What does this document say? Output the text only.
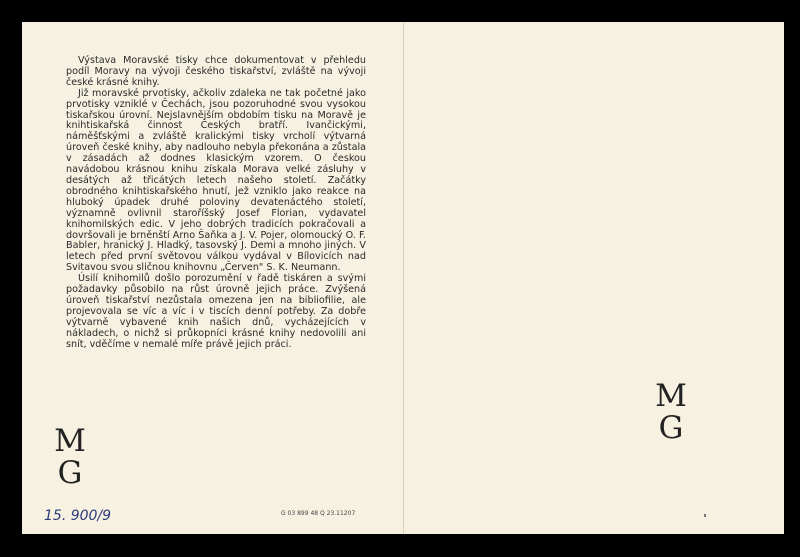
Výstava Moravské tisky chce dokumentovat v přehledu podíl Moravy na vývoji českého tiskařství, zvláště na vývoji české krásné knihy.

Již moravské prvotisky, ačkoliv zdaleka ne tak početné jako prvotisky vzniklé v Čechách, jsou pozoruhodné svou vysokou tiskařskou úrovní. Nejslavnějším obdobím tisku na Moravě je knihtiskařská činnost Českých bratří. Ivančickými, náměšťskými a zvláště kralickými tisky vrcholí výtvarná úroveň české knihy, aby nadlouho nebyla překonána a zůstala v zásadách až dodnes klasickým vzorem. O českou navádobou krásnou knihu získala Morava velké zásluhy v desátých až třicátých letech našeho století. Začátky obrodného knihtiskařského hnutí, jež vzniklo jako reakce na hluboký úpadek druhé poloviny devatenáctého století, významně ovlivnil staroříšský Josef Florian, vydavatel knihomilských edic. V jeho dobrých tradicích pokračovali a dovršovali je brněnští Arno Šaňka a J. V. Pojer, olomoucký O. F. Babler, hranický J. Hladký, tasovský J. Demi a mnoho jiných. V letech před první světovou válkou vydával v Bílovicích nad Svitavou svou sličnou knihovnu „Červen" S. K. Neumann.

Úsilí knihomilů došlo porozumění v řadě tiskáren a svými požadavky působilo na růst úrovně jejich práce. Zvýšená úroveň tiskařství nezůstala omezena jen na bibliofilie, ale projevovala se víc a víc i v tiscích denní potřeby. Za dobře výtvarně vybavené knih našich dnů, vycházejících v nákladech, o nichž si průkopníci krásné knihy nedovolili ani snít, vděčíme v nemalé míře právě jejich práci.

M
G
15. 900/9	G 03 899 48 Q 23.11207
M
G
